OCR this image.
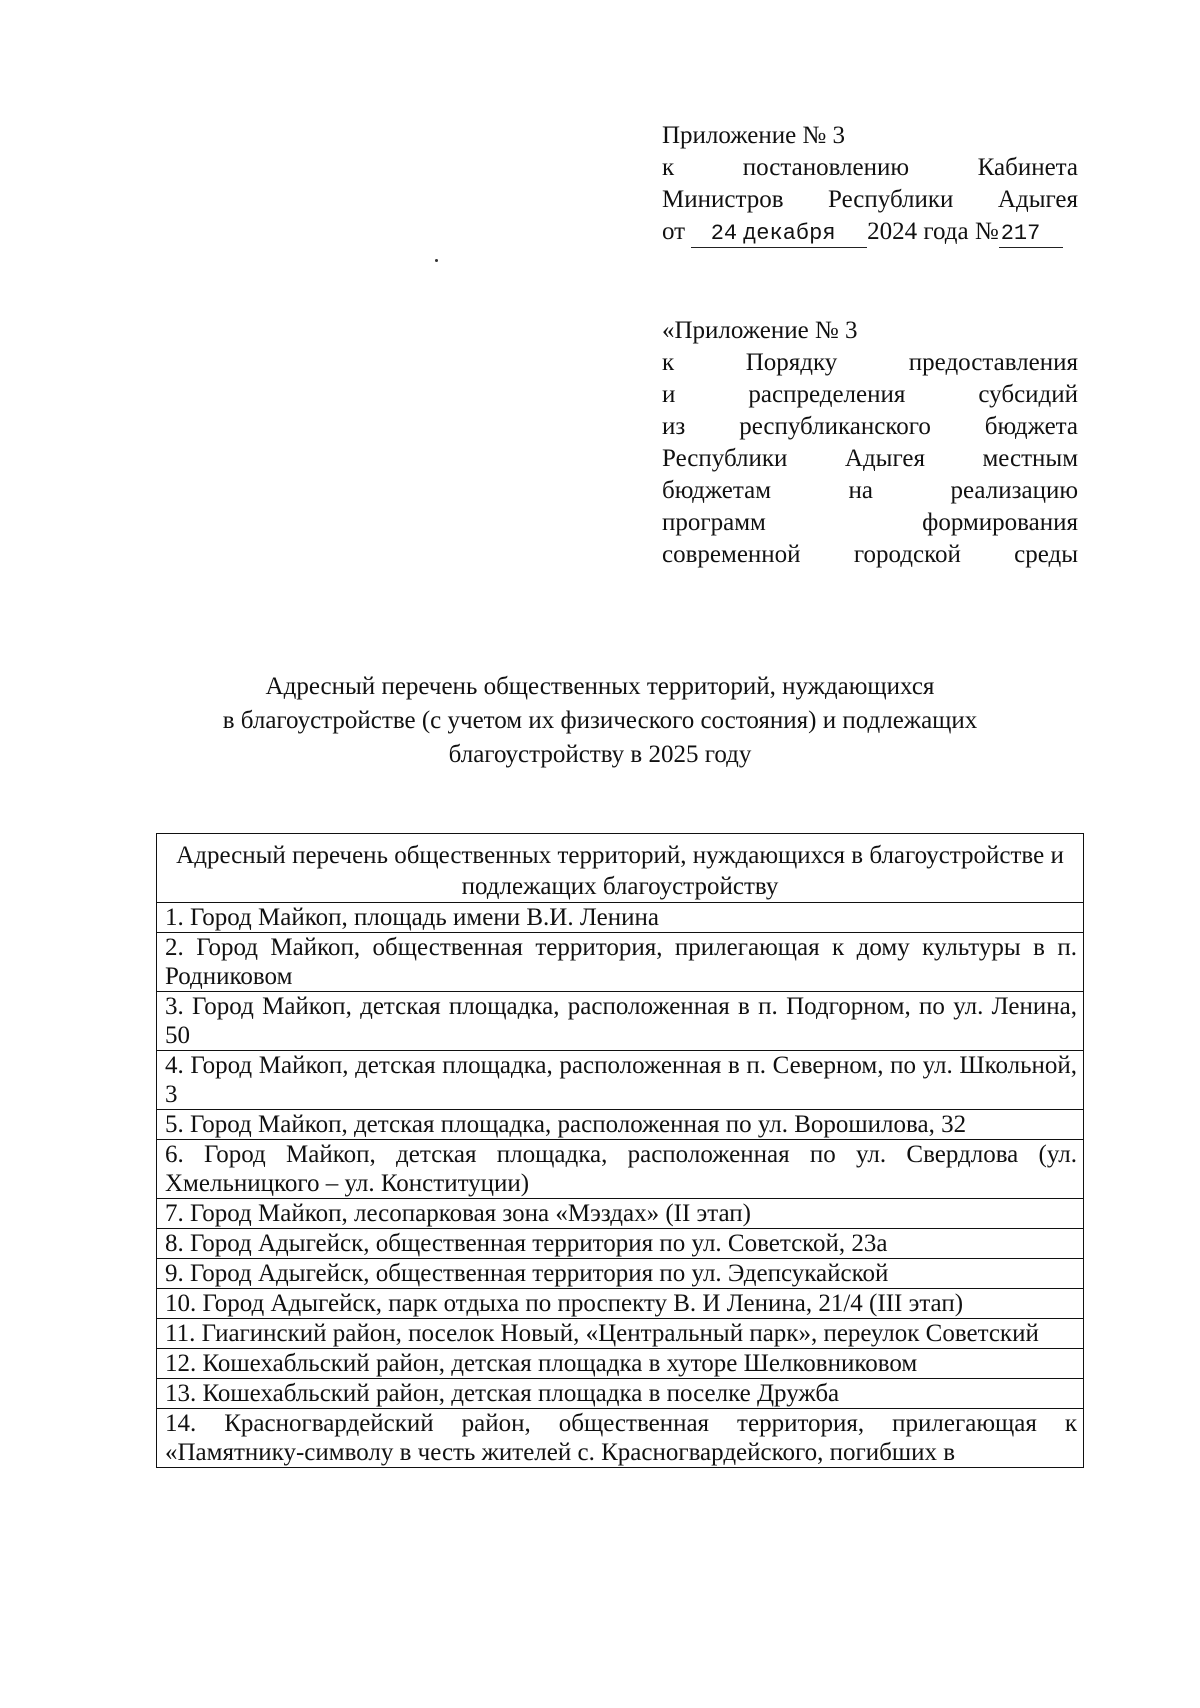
Приложение № 3
к	постановлению	Кабинета
Министров Республики Адыгея
от	24 декабря	2024 года № 217
«Приложение № 3
к	Порядку	предоставления
и	распределения	субсидий
из республиканского бюджета
Республики Адыгея местным
бюджетам	на	реализацию
программ	формирования
современной городской среды
Адресный перечень общественных территорий, нуждающихся
в благоустройстве (с учетом их физического состояния) и подлежащих
благоустройству в 2025 году
Адресный перечень общественных территорий, нуждающихся в благоустройстве и подлежащих благоустройству
1. Город Майкоп, площадь имени В.И. Ленина
2. Город Майкоп, общественная территория, прилегающая к дому культуры в п. Родниковом
3. Город Майкоп, детская площадка, расположенная в п. Подгорном, по ул. Ленина, 50
4. Город Майкоп, детская площадка, расположенная в п. Северном, по ул. Школьной, 3
5. Город Майкоп, детская площадка, расположенная по ул. Ворошилова, 32
6. Город Майкоп, детская площадка, расположенная по ул. Свердлова (ул. Хмельницкого – ул. Конституции)
7. Город Майкоп, лесопарковая зона «Мэздах» (II этап)
8. Город Адыгейск, общественная территория по ул. Советской, 23а
9. Город Адыгейск, общественная территория по ул. Эдепсукайской
10. Город Адыгейск, парк отдыха по проспекту В. И Ленина, 21/4 (III этап)
11. Гиагинский район, поселок Новый, «Центральный парк», переулок Советский
12. Кошехабльский район, детская площадка в хуторе Шелковниковом
13. Кошехабльский район, детская площадка в поселке Дружба
14. Красногвардейский район, общественная территория, прилегающая к «Памятнику-символу в честь жителей с. Красногвардейского, погибших в
